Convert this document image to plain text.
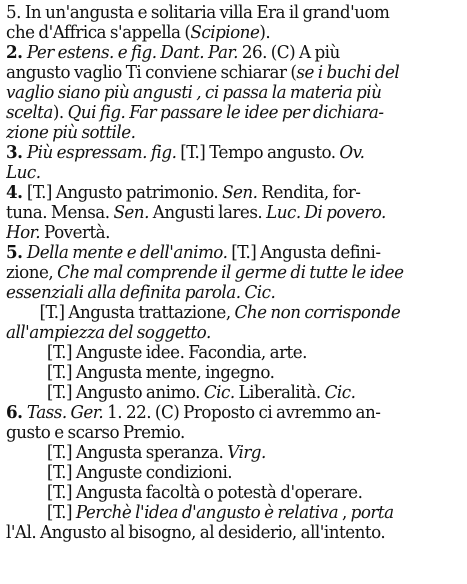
5. In un'angusta e solitaria villa Era il grand'uom
che d'Affrica s'appella (Scipione).
2. Per estens. e fig. Dant. Par. 26. (C) A più
angusto vaglio Ti conviene schiarar (se i buchi del
vaglio siano più angusti , ci passa la materia più
scelta). Qui fig. Far passare le idee per dichiara-
zione più sottile.
3. Più espressam. fig. [T.] Tempo angusto. Ov.
Luc.
4. [T.] Angusto patrimonio. Sen. Rendita, for-
tuna. Mensa. Sen. Angusti lares. Luc. Di povero.
Hor. Povertà.
5. Della mente e dell'animo. [T.] Angusta defini-
zione, Che mal comprende il germe di tutte le idee
essenziali alla definita parola. Cic.
[T.] Angusta trattazione, Che non corrisponde
all'ampiezza del soggetto.
[T.] Anguste idee. Facondia, arte.
[T.] Angusta mente, ingegno.
[T.] Angusto animo. Cic. Liberalità. Cic.
6. Tass. Ger. 1. 22. (C) Proposto ci avremmo an-
gusto e scarso Premio.
[T.] Angusta speranza. Virg.
[T.] Anguste condizioni.
[T.] Angusta facoltà o potestà d'operare.
[T.] Perchè l'idea d'angusto è relativa , porta
l'Al. Angusto al bisogno, al desiderio, all'intento.
